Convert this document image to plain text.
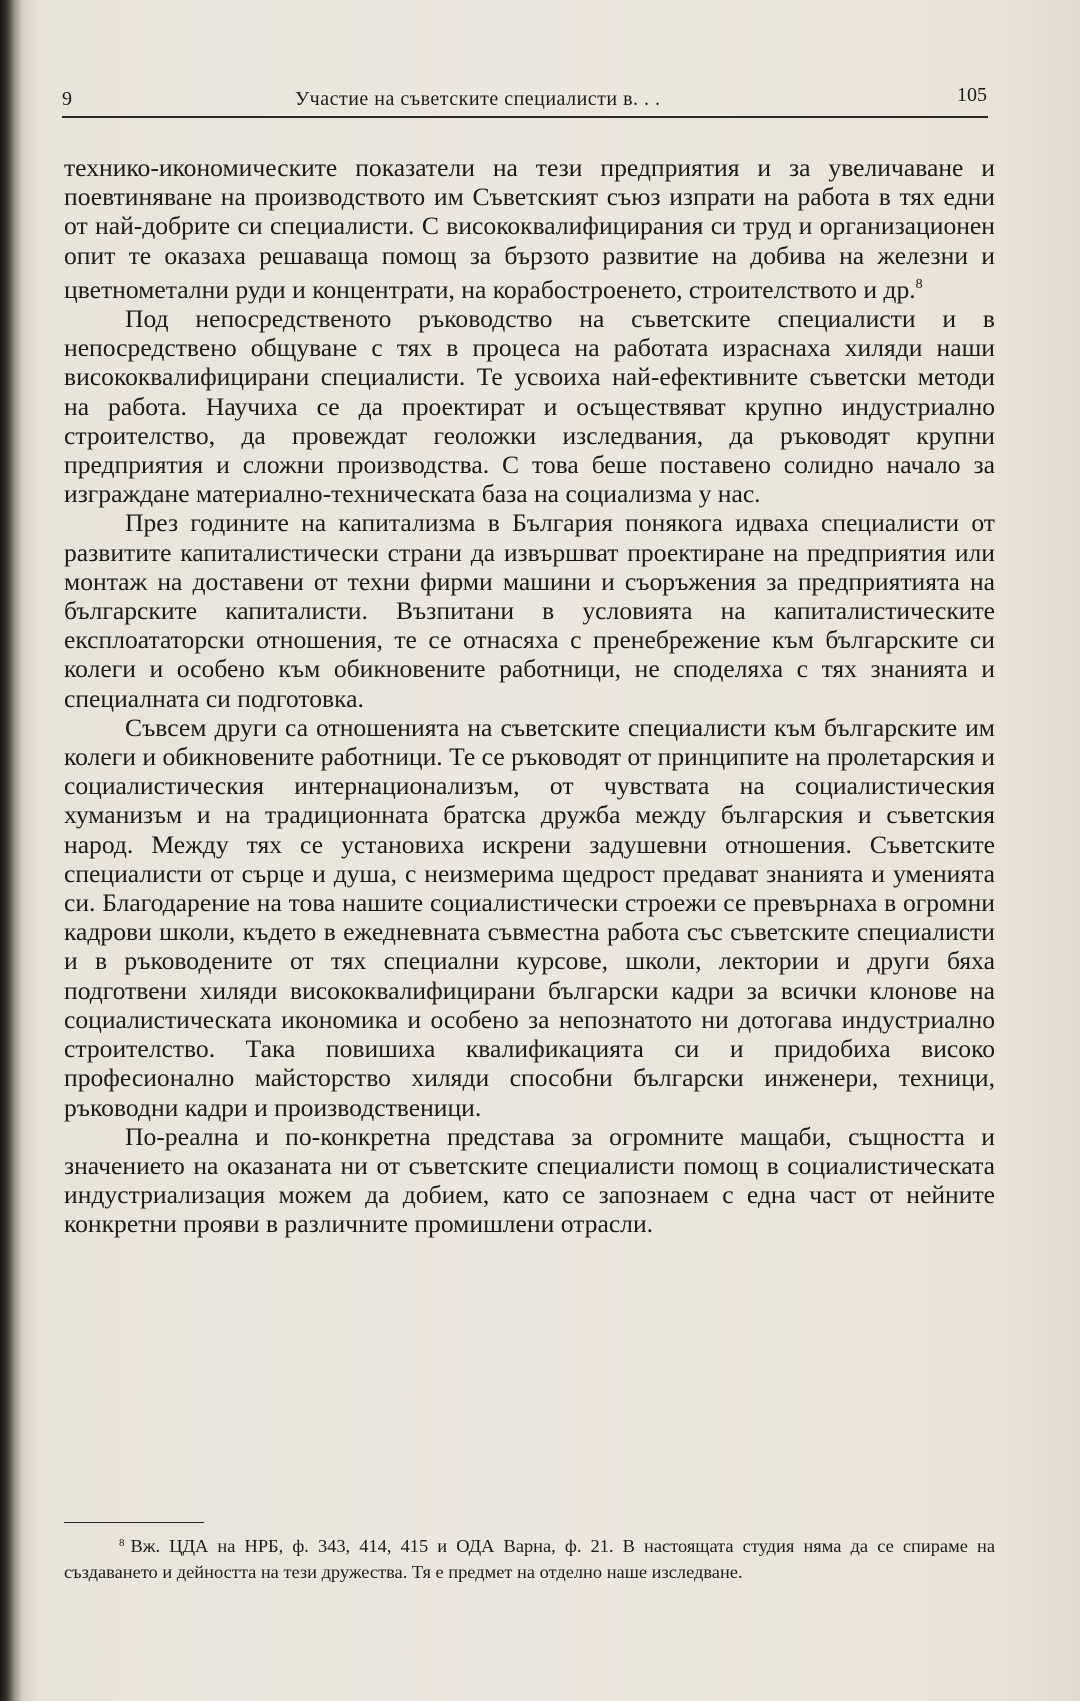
9	Участие на съветските специалисти в. . .	105

технико-икономическите показатели на тези предприятия и за увеличаване и поевтиняване на производството им Съветският съюз изпрати на работа в тях едни от най-добрите си специалисти. С висококвалифицирания си труд и организационен опит те оказаха решаваща помощ за бързото развитие на добива на железни и цветнометални руди и концентрати, на корабостроенето, строителството и др.$^8$

Под непосредственото ръководство на съветските специалисти и в непосредствено общуване с тях в процеса на работата израснаха хиляди наши висококвалифицирани специалисти. Те усвоиха най-ефективните съветски методи на работа. Научиха се да проектират и осъществяват крупно индустриално строителство, да провеждат геоложки изследвания, да ръководят крупни предприятия и сложни производства. С това беше поставено солидно начало за изграждане материално-техническата база на социализма у нас.

През годините на капитализма в България понякога идваха специалисти от развитите капиталистически страни да извършват проектиране на предприятия или монтаж на доставени от техни фирми машини и съоръжения за предприятията на българските капиталисти. Възпитани в условията на капиталистическите експлоататорски отношения, те се отнасяха с пренебрежение към българските си колеги и особено към обикновените работници, не споделяха с тях знанията и специалната си подготовка.

Съвсем други са отношенията на съветските специалисти към българските им колеги и обикновените работници. Те се ръководят от принципите на пролетарския и социалистическия интернационализъм, от чувствата на социалистическия хуманизъм и на традиционната братска дружба между българския и съветския народ. Между тях се установиха искрени задушевни отношения. Съветските специалисти от сърце и душа, с неизмерима щедрост предават знанията и уменията си. Благодарение на това нашите социалистически строежи се превърнаха в огромни кадрови школи, където в ежедневната съвместна работа със съветските специалисти и в ръководените от тях специални курсове, школи, лектории и други бяха подготвени хиляди висококвалифицирани български кадри за всички клонове на социалистическата икономика и особено за непознатото ни дотогава индустриално строителство. Така повишиха квалификацията си и придобиха високо професионално майсторство хиляди способни български инженери, техници, ръководни кадри и производственици.

По-реална и по-конкретна представа за огромните мащаби, същността и значението на оказаната ни от съветските специалисти помощ в социалистическата индустриализация можем да добием, като се запознаем с една част от нейните конкретни прояви в различните промишлени отрасли.

$^8$ Вж. ЦДА на НРБ, ф. 343, 414, 415 и ОДА Варна, ф. 21. В настоящата студия няма да се спираме на създаването и дейността на тези дружества. Тя е предмет на отделно наше изследване.
